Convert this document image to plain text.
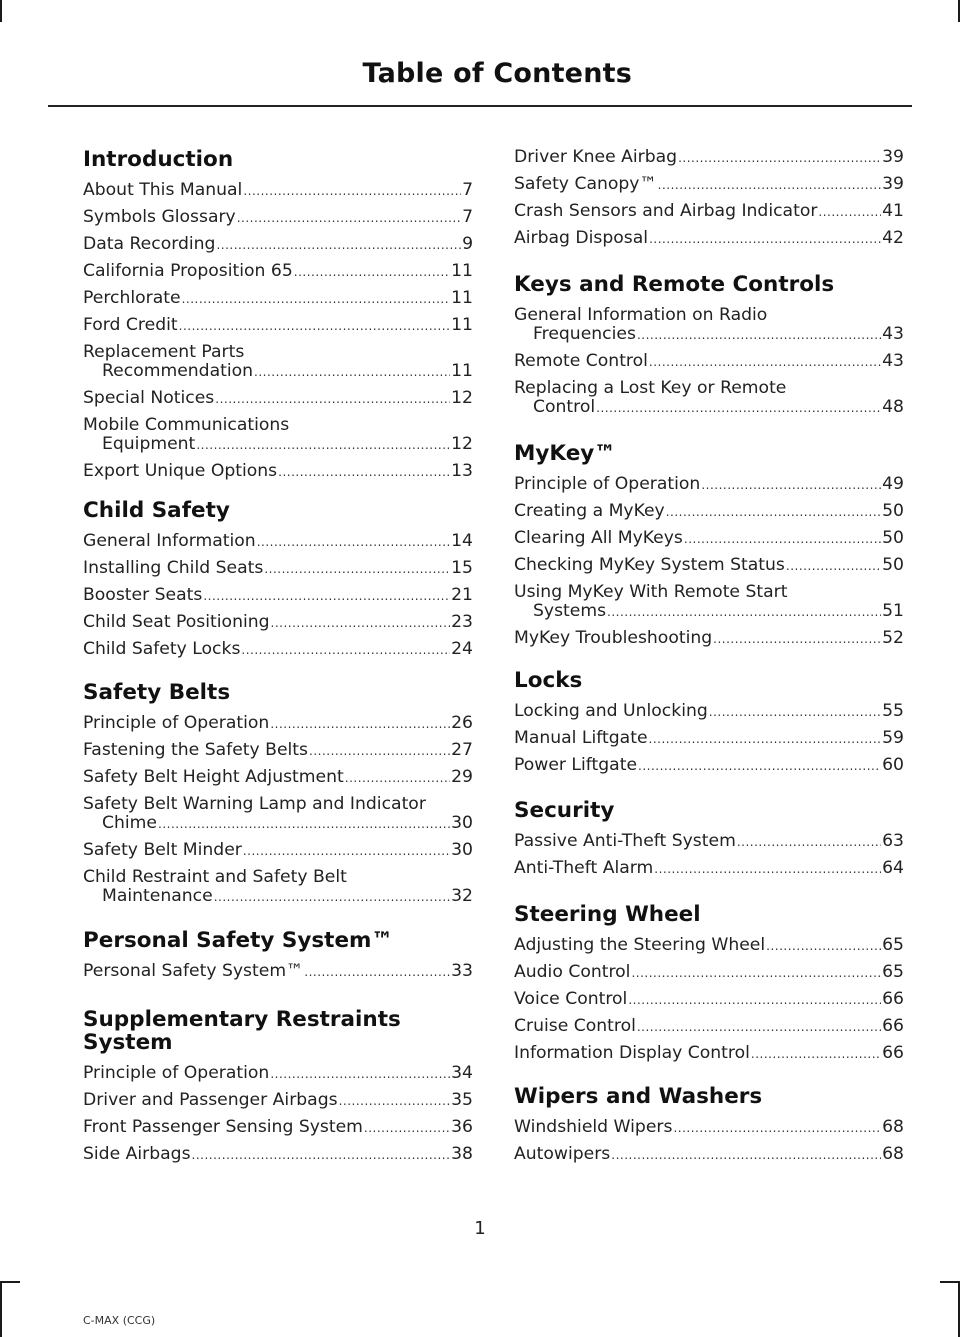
Table of Contents
Introduction
About This Manual .....	7
Symbols Glossary .....	7
Data Recording .....	9
California Proposition 65 .....	11
Perchlorate .....	11
Ford Credit .....	11
Replacement Parts
Recommendation .....	11
Special Notices .....	12
Mobile Communications
Equipment .....	12
Export Unique Options .....	13
Child Safety
General Information .....	14
Installing Child Seats .....	15
Booster Seats .....	21
Child Seat Positioning .....	23
Child Safety Locks .....	24
Safety Belts
Principle of Operation .....	26
Fastening the Safety Belts .....	27
Safety Belt Height Adjustment .....	29
Safety Belt Warning Lamp and Indicator
Chime .....	30
Safety Belt Minder .....	30
Child Restraint and Safety Belt
Maintenance .....	32
Personal Safety System™
Personal Safety System™ .....	33
Supplementary Restraints
System
Principle of Operation .....	34
Driver and Passenger Airbags .....	35
Front Passenger Sensing System .....	36
Side Airbags .....	38
Driver Knee Airbag .....	39
Safety Canopy™ .....	39
Crash Sensors and Airbag Indicator .....	41
Airbag Disposal .....	42
Keys and Remote Controls
General Information on Radio
Frequencies .....	43
Remote Control .....	43
Replacing a Lost Key or Remote
Control .....	48
MyKey™
Principle of Operation .....	49
Creating a MyKey .....	50
Clearing All MyKeys .....	50
Checking MyKey System Status .....	50
Using MyKey With Remote Start
Systems .....	51
MyKey Troubleshooting .....	52
Locks
Locking and Unlocking .....	55
Manual Liftgate .....	59
Power Liftgate .....	60
Security
Passive Anti-Theft System .....	63
Anti-Theft Alarm .....	64
Steering Wheel
Adjusting the Steering Wheel .....	65
Audio Control .....	65
Voice Control .....	66
Cruise Control .....	66
Information Display Control .....	66
Wipers and Washers
Windshield Wipers .....	68
Autowipers .....	68
1
C-MAX (CCG)
